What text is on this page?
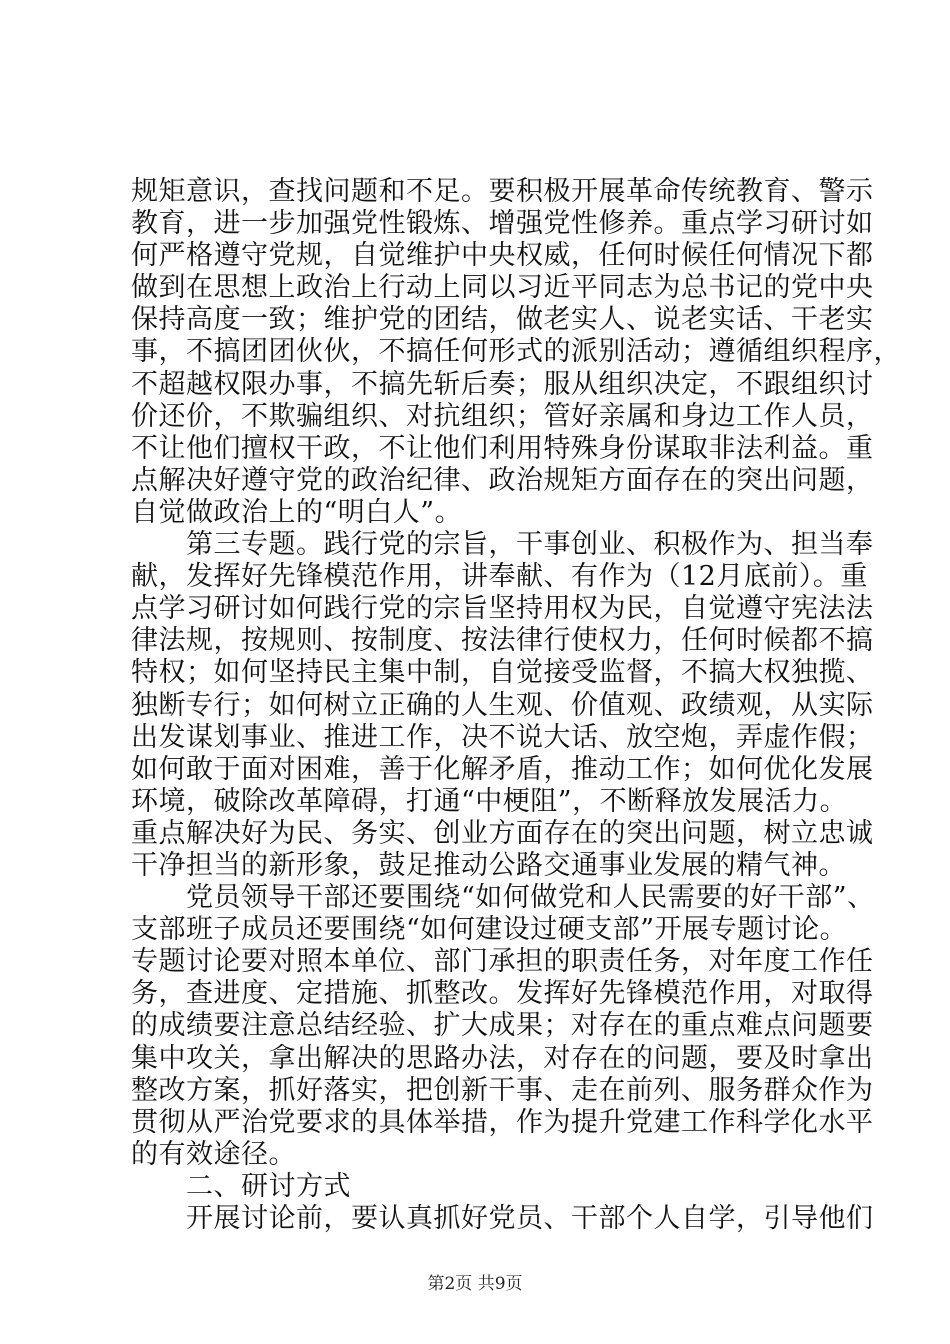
规矩意识，查找问题和不足。要积极开展革命传统教育、警示
教育，进一步加强党性锻炼、增强党性修养。重点学习研讨如
何严格遵守党规，自觉维护中央权威，任何时候任何情况下都
做到在思想上政治上行动上同以习近平同志为总书记的党中央
保持高度一致；维护党的团结，做老实人、说老实话、干老实
事，不搞团团伙伙，不搞任何形式的派别活动；遵循组织程序，
不超越权限办事，不搞先斩后奏；服从组织决定，不跟组织讨
价还价，不欺骗组织、对抗组织；管好亲属和身边工作人员，
不让他们擅权干政，不让他们利用特殊身份谋取非法利益。重
点解决好遵守党的政治纪律、政治规矩方面存在的突出问题，
自觉做政治上的“明白人”。
　　第三专题。践行党的宗旨，干事创业、积极作为、担当奉
献，发挥好先锋模范作用，讲奉献、有作为（12月底前）。重
点学习研讨如何践行党的宗旨坚持用权为民，自觉遵守宪法法
律法规，按规则、按制度、按法律行使权力，任何时候都不搞
特权；如何坚持民主集中制，自觉接受监督，不搞大权独揽、
独断专行；如何树立正确的人生观、价值观、政绩观，从实际
出发谋划事业、推进工作，决不说大话、放空炮，弄虚作假；
如何敢于面对困难，善于化解矛盾，推动工作；如何优化发展
环境，破除改革障碍，打通“中梗阻”，不断释放发展活力。
重点解决好为民、务实、创业方面存在的突出问题，树立忠诚
干净担当的新形象，鼓足推动公路交通事业发展的精气神。
　　党员领导干部还要围绕“如何做党和人民需要的好干部”、
支部班子成员还要围绕“如何建设过硬支部”开展专题讨论。
专题讨论要对照本单位、部门承担的职责任务，对年度工作任
务，查进度、定措施、抓整改。发挥好先锋模范作用，对取得
的成绩要注意总结经验、扩大成果；对存在的重点难点问题要
集中攻关，拿出解决的思路办法，对存在的问题，要及时拿出
整改方案，抓好落实，把创新干事、走在前列、服务群众作为
贯彻从严治党要求的具体举措，作为提升党建工作科学化水平
的有效途径。
　　二、研讨方式
　　开展讨论前，要认真抓好党员、干部个人自学，引导他们
第2页 共9页
